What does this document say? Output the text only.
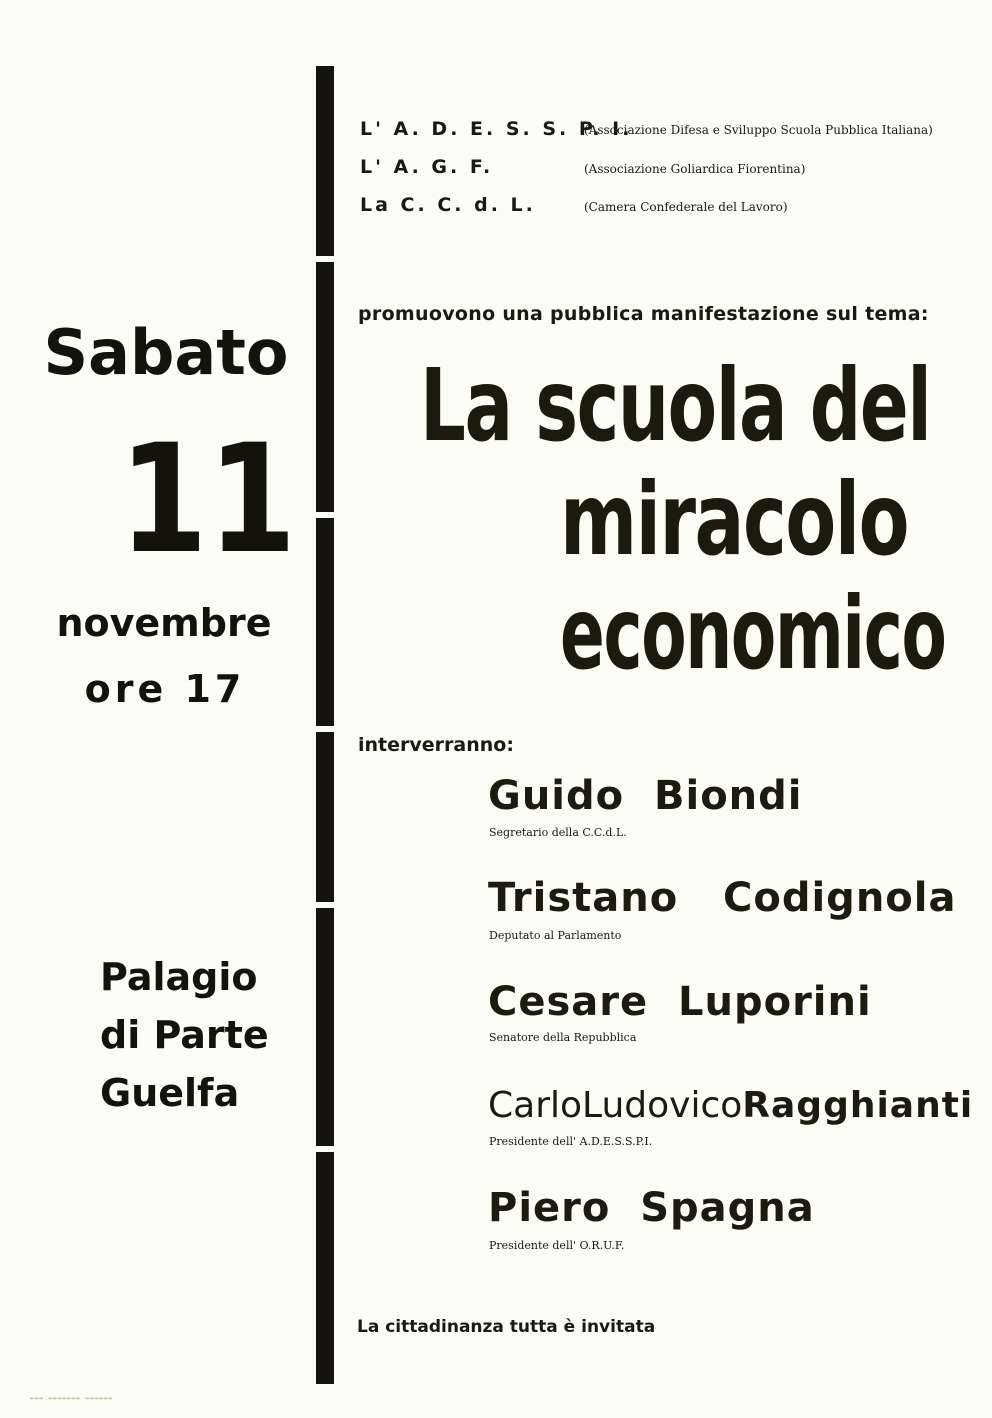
L' A. D. E. S. S. P. I.
(Associazione Difesa e Sviluppo Scuola Pubblica Italiana)
L' A. G. F.	(Associazione Goliardica Fiorentina)
La C. C. d. L.	(Camera Confederale del Lavoro)
promuovono una pubblica manifestazione sul tema:
La scuola del
miracolo
economico
Sabato
11
novembre
ore 17
Palagio
di Parte
Guelfa
interverranno:
Guido Biondi
Segretario della C.C.d.L.
Tristano Codignola
Deputato al Parlamento
Cesare Luporini
Senatore della Repubblica
CarloLudovicoRagghianti
Presidente dell' A.D.E.S.S.P.I.
Piero Spagna
Presidente dell' O.R.U.F.
La cittadinanza tutta è invitata
▬▬▬ ▬▬▬▬▬▬▬ ▬▬▬▬▬▬
